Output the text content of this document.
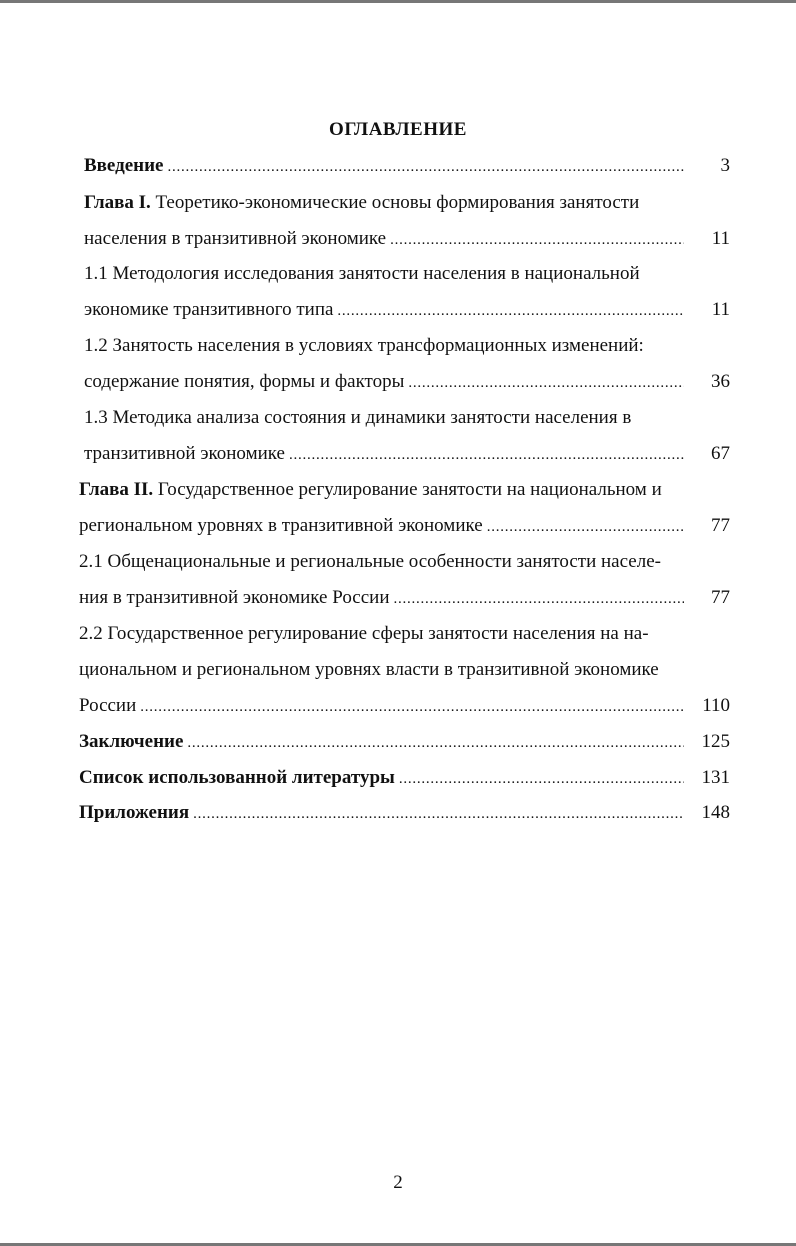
ОГЛАВЛЕНИЕ
Введение . . .	3
Глава I.
Теоретико-экономические основы формирования занятости
населения в транзитивной экономике . . .	11
1.1 Методология исследования занятости населения в национальной
экономике транзитивного типа . . .	11
1.2 Занятость населения в условиях трансформационных изменений:
содержание понятия, формы и факторы . . .	36
1.3 Методика анализа состояния и динамики занятости населения в
транзитивной экономике . . .	67
Глава II.
Государственное регулирование занятости на национальном и
региональном уровнях в транзитивной экономике . . .	77
2.1 Общенациональные и региональные особенности занятости населе-
ния в транзитивной экономике России . . .	77
2.2 Государственное регулирование сферы занятости населения на на-
циональном и региональном уровнях власти в транзитивной экономике
России . . .	110
Заключение . . .	125
Список использованной литературы . . .	131
Приложения . . .	148
2
